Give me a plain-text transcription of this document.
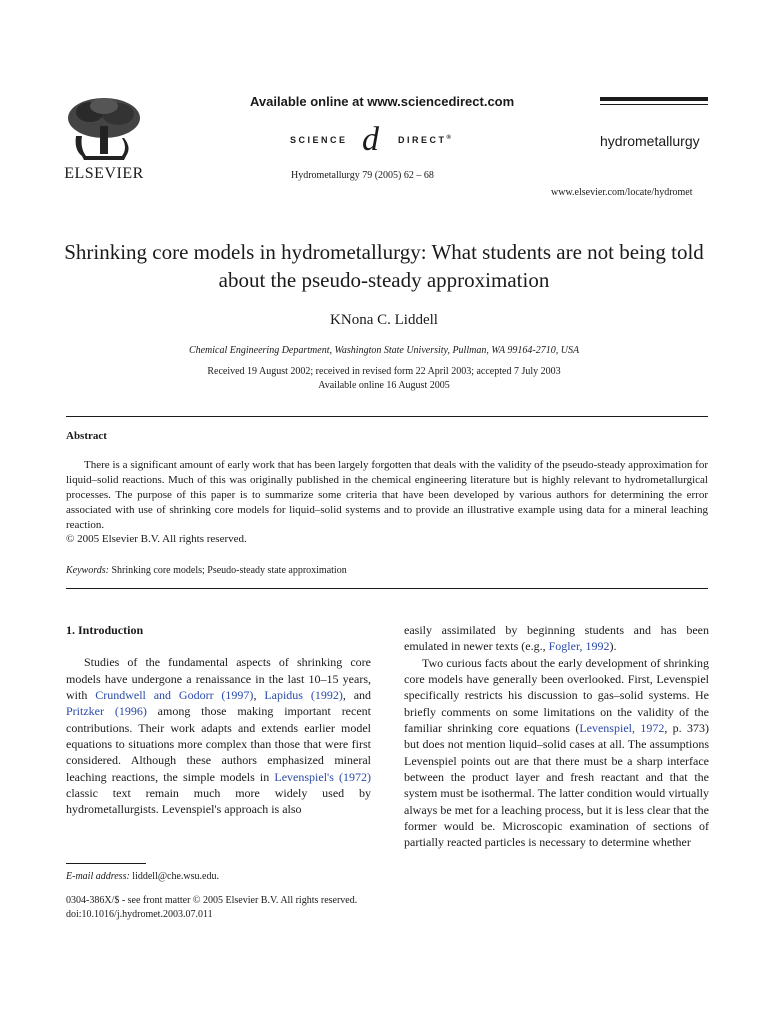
ELSEVIER
Available online at www.sciencedirect.com
SCIENCE d DIRECT®
Hydrometallurgy 79 (2005) 62 – 68
hydrometallurgy
www.elsevier.com/locate/hydromet
Shrinking core models in hydrometallurgy: What students are not being told about the pseudo-steady approximation
KNona C. Liddell
Chemical Engineering Department, Washington State University, Pullman, WA 99164-2710, USA
Received 19 August 2002; received in revised form 22 April 2003; accepted 7 July 2003
Available online 16 August 2005
Abstract

There is a significant amount of early work that has been largely forgotten that deals with the validity of the pseudo-steady approximation for liquid–solid reactions. Much of this was originally published in the chemical engineering literature but is highly relevant to hydrometallurgical processes. The purpose of this paper is to summarize some criteria that have been developed by various authors for determining the error associated with use of shrinking core models for liquid–solid systems and to provide an illustrative example using data for a mineral leaching reaction.

© 2005 Elsevier B.V. All rights reserved.
Keywords: Shrinking core models; Pseudo-steady state approximation

1. Introduction

Studies of the fundamental aspects of shrinking core models have undergone a renaissance in the last 10–15 years, with Crundwell and Godorr (1997), Lapidus (1992), and Pritzker (1996) among those making important recent contributions. Their work adapts and extends earlier model equations to situations more complex than those that were first considered. Although these authors emphasized mineral leaching reactions, the simple models in Levenspiel's (1972) classic text remain much more widely used by hydrometallurgists. Levenspiel's approach is also

easily assimilated by beginning students and has been emulated in newer texts (e.g., Fogler, 1992).

Two curious facts about the early development of shrinking core models have generally been overlooked. First, Levenspiel specifically restricts his discussion to gas–solid systems. He briefly comments on some limitations on the validity of the familiar shrinking core equations (Levenspiel, 1972, p. 373) but does not mention liquid–solid cases at all. The assumptions Levenspiel points out are that there must be a sharp interface between the product layer and fresh reactant and that the system must be isothermal. The latter condition would virtually always be met for a leaching process, but it is less clear that the former would be. Microscopic examination of sections of partially reacted particles is necessary to determine whether

E-mail address: liddell@che.wsu.edu.
0304-386X/$ - see front matter © 2005 Elsevier B.V. All rights reserved.
doi:10.1016/j.hydromet.2003.07.011
